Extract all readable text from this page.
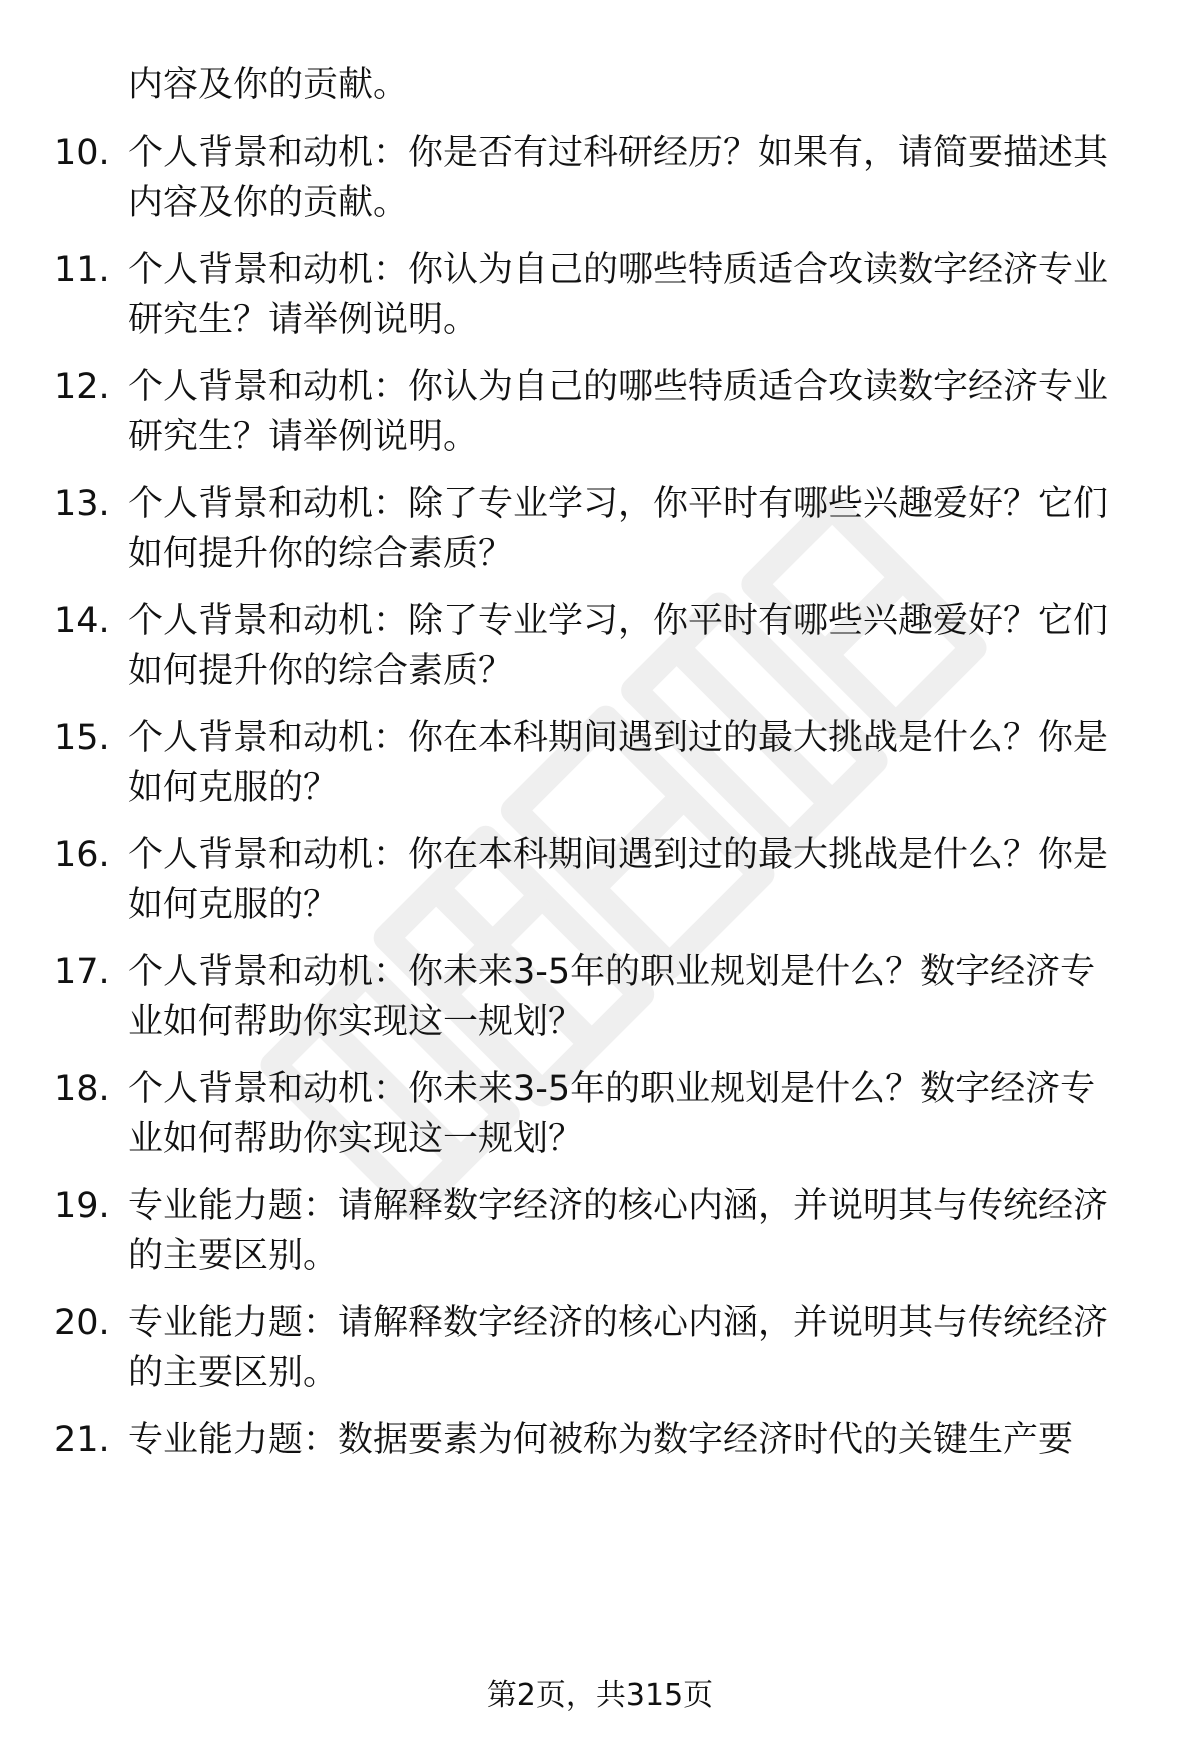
内容及你的贡献。
10. 个人背景和动机：你是否有过科研经历？如果有，请简要描述其
内容及你的贡献。
11. 个人背景和动机：你认为自己的哪些特质适合攻读数字经济专业
研究生？请举例说明。
12. 个人背景和动机：你认为自己的哪些特质适合攻读数字经济专业
研究生？请举例说明。
13. 个人背景和动机：除了专业学习，你平时有哪些兴趣爱好？它们
如何提升你的综合素质？
14. 个人背景和动机：除了专业学习，你平时有哪些兴趣爱好？它们
如何提升你的综合素质？
15. 个人背景和动机：你在本科期间遇到过的最大挑战是什么？你是
如何克服的？
16. 个人背景和动机：你在本科期间遇到过的最大挑战是什么？你是
如何克服的？
17. 个人背景和动机：你未来3-5年的职业规划是什么？数字经济专
业如何帮助你实现这一规划？
18. 个人背景和动机：你未来3-5年的职业规划是什么？数字经济专
业如何帮助你实现这一规划？
19. 专业能力题：请解释数字经济的核心内涵，并说明其与传统经济
的主要区别。
20. 专业能力题：请解释数字经济的核心内涵，并说明其与传统经济
的主要区别。
21. 专业能力题：数据要素为何被称为数字经济时代的关键生产要
第2页，共315页
